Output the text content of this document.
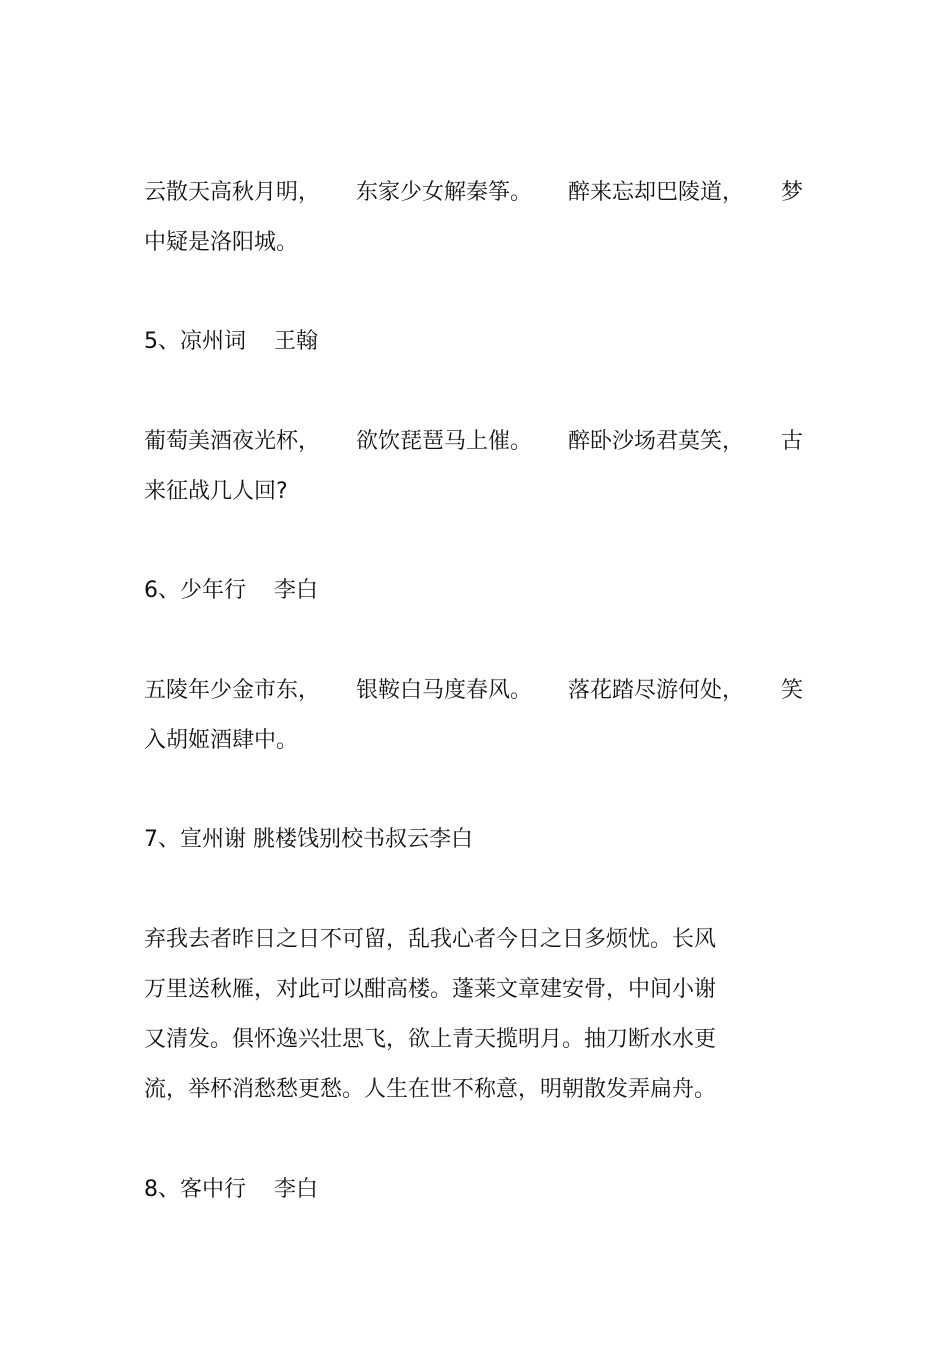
云散天高秋月明， 东家少女解秦筝。 醉来忘却巴陵道， 梦
中疑是洛阳城。
5、凉州词    王翰
葡萄美酒夜光杯， 欲饮琵琶马上催。 醉卧沙场君莫笑， 古
来征战几人回?
6、少年行    李白
五陵年少金市东， 银鞍白马度春风。 落花踏尽游何处， 笑
入胡姬酒肆中。
7、宣州谢 朓楼饯别校书叔云李白
弃我去者昨日之日不可留，乱我心者今日之日多烦忧。长风
万里送秋雁，对此可以酣高楼。蓬莱文章建安骨，中间小谢
又清发。俱怀逸兴壮思飞，欲上青天揽明月。抽刀断水水更
流，举杯消愁愁更愁。人生在世不称意，明朝散发弄扁舟。
8、客中行    李白
